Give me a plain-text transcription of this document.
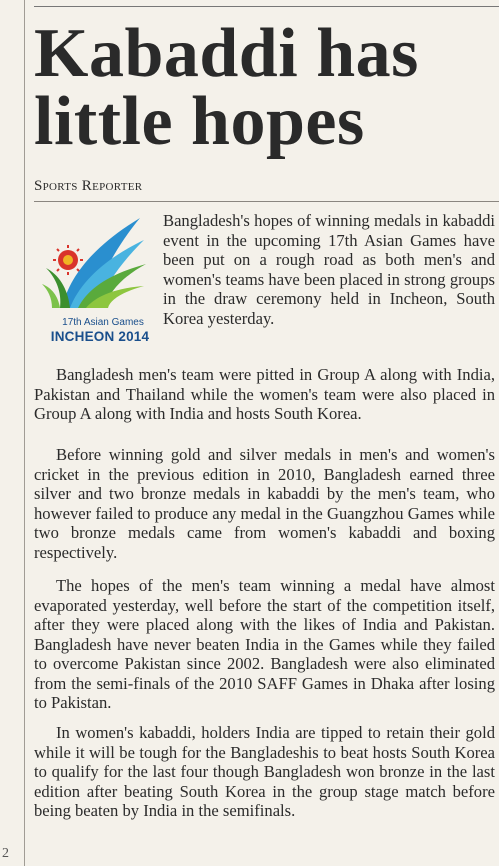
2
Kabaddi has
little hopes
Sports Reporter
17th Asian Games
INCHEON 2014

Bangladesh's hopes of winning medals in kabaddi event in the upcoming 17th Asian Games have been put on a rough road as both men's and women's teams have been placed in strong groups in the draw ceremony held in Incheon, South Korea yesterday.

Bangladesh men's team were pitted in Group A along with India, Pakistan and Thailand while the women's team were also placed in Group A along with India and hosts South Korea.

Before winning gold and silver medals in men's and women's cricket in the previous edition in 2010, Bangladesh earned three silver and two bronze medals in kabaddi by the men's team, who however failed to produce any medal in the Guangzhou Games while two bronze medals came from women's kabaddi and boxing respectively.

The hopes of the men's team winning a medal have almost evaporated yesterday, well before the start of the competition itself, after they were placed along with the likes of India and Pakistan. Bangladesh have never beaten India in the Games while they failed to overcome Pakistan since 2002. Bangladesh were also eliminated from the semi-finals of the 2010 SAFF Games in Dhaka after losing to Pakistan.

In women's kabaddi, holders India are tipped to retain their gold while it will be tough for the Bangladeshis to beat hosts South Korea to qualify for the last four though Bangladesh won bronze in the last edition after beating South Korea in the group stage match before being beaten by India in the semifinals.
